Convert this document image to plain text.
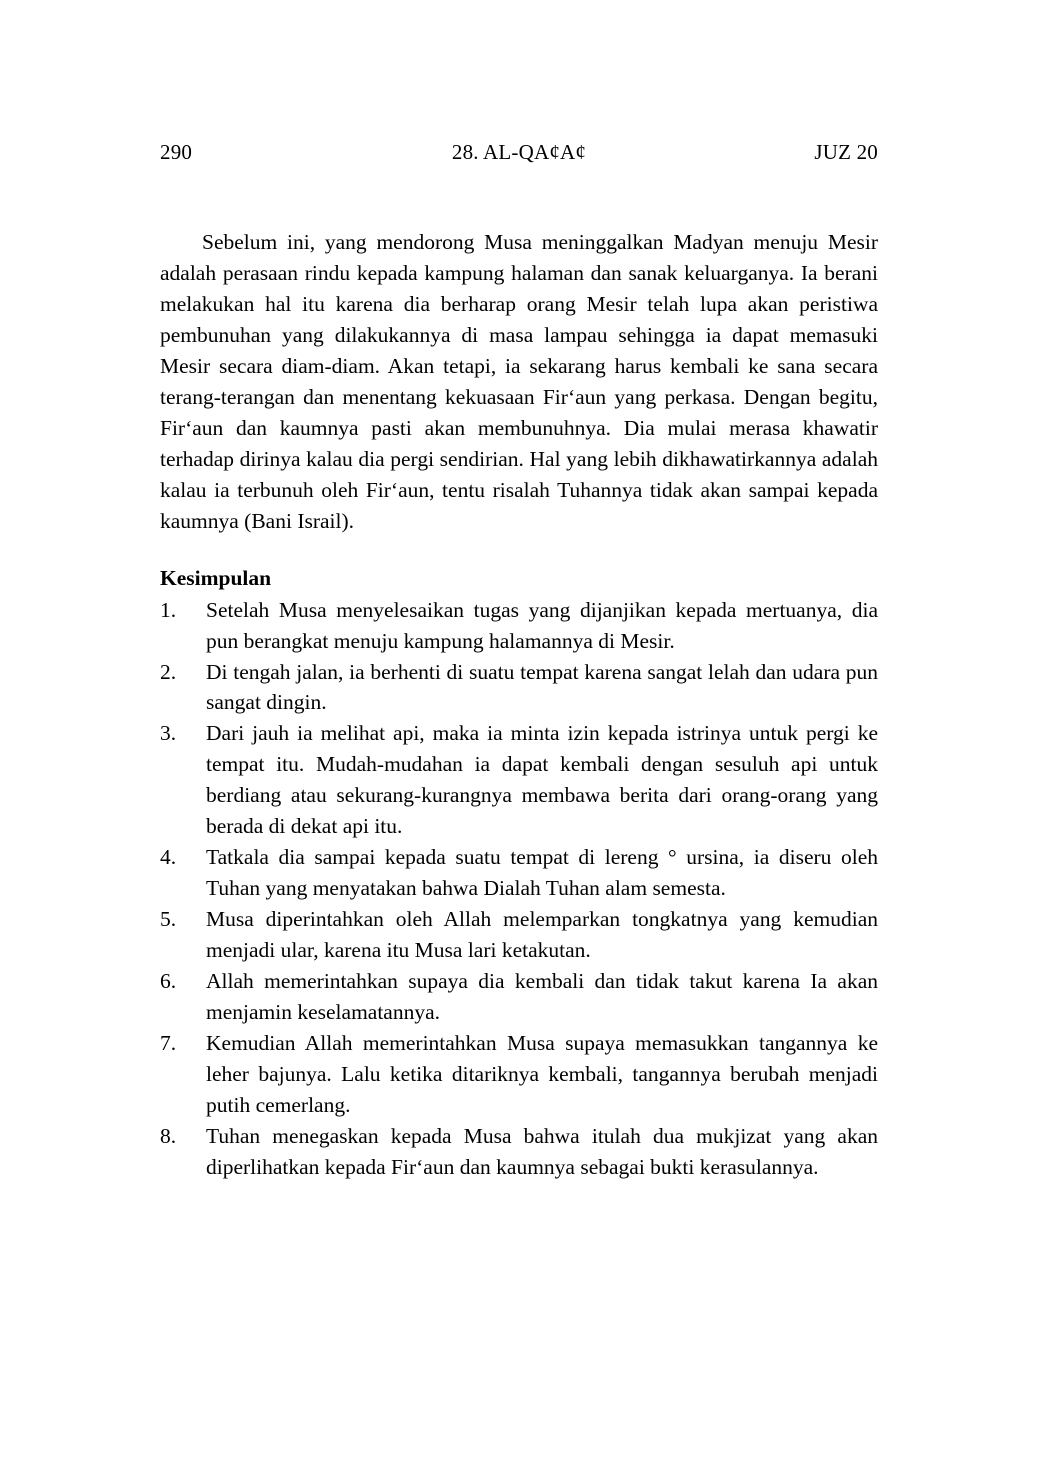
290	28. AL-QA¢A¢	JUZ 20

Sebelum ini, yang mendorong Musa meninggalkan Madyan menuju Mesir adalah perasaan rindu kepada kampung halaman dan sanak keluarganya. Ia berani melakukan hal itu karena dia berharap orang Mesir telah lupa akan peristiwa pembunuhan yang dilakukannya di masa lampau sehingga ia dapat memasuki Mesir secara diam-diam. Akan tetapi, ia sekarang harus kembali ke sana secara terang-terangan dan menentang kekuasaan Fir‘aun yang perkasa. Dengan begitu, Fir‘aun dan kaumnya pasti akan membunuhnya. Dia mulai merasa khawatir terhadap dirinya kalau dia pergi sendirian. Hal yang lebih dikhawatirkannya adalah kalau ia terbunuh oleh Fir‘aun, tentu risalah Tuhannya tidak akan sampai kepada kaumnya (Bani Israil).

Kesimpulan
1.	Setelah Musa menyelesaikan tugas yang dijanjikan kepada mertuanya, dia pun berangkat menuju kampung halamannya di Mesir.
2.	Di tengah jalan, ia berhenti di suatu tempat karena sangat lelah dan udara pun sangat dingin.
3.	Dari jauh ia melihat api, maka ia minta izin kepada istrinya untuk pergi ke tempat itu. Mudah-mudahan ia dapat kembali dengan sesuluh api untuk berdiang atau sekurang-kurangnya membawa berita dari orang-orang yang berada di dekat api itu.
4.	Tatkala dia sampai kepada suatu tempat di lereng ° ursina, ia diseru oleh Tuhan yang menyatakan bahwa Dialah Tuhan alam semesta.
5.	Musa diperintahkan oleh Allah melemparkan tongkatnya yang kemudian menjadi ular, karena itu Musa lari ketakutan.
6.	Allah memerintahkan supaya dia kembali dan tidak takut karena Ia akan menjamin keselamatannya.
7.	Kemudian Allah memerintahkan Musa supaya memasukkan tangannya ke leher bajunya. Lalu ketika ditariknya kembali, tangannya berubah menjadi putih cemerlang.
8.	Tuhan menegaskan kepada Musa bahwa itulah dua mukjizat yang akan diperlihatkan kepada Fir‘aun dan kaumnya sebagai bukti kerasulannya.
